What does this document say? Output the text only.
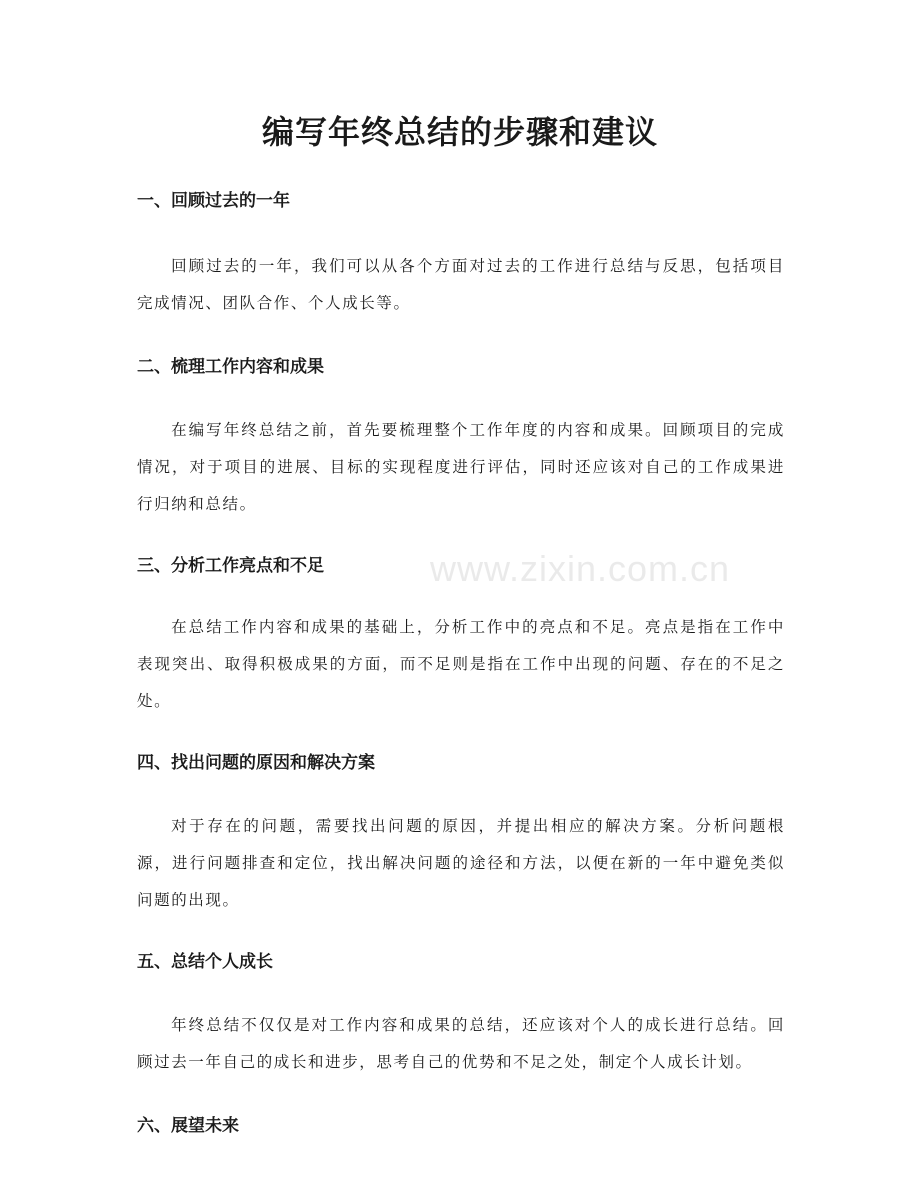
www.zixin.com.cn
编写年终总结的步骤和建议
一、回顾过去的一年

回顾过去的一年，我们可以从各个方面对过去的工作进行总结与反思，包括项目完成情况、团队合作、个人成长等。

二、梳理工作内容和成果

在编写年终总结之前，首先要梳理整个工作年度的内容和成果。回顾项目的完成情况，对于项目的进展、目标的实现程度进行评估，同时还应该对自己的工作成果进行归纳和总结。

三、分析工作亮点和不足

在总结工作内容和成果的基础上，分析工作中的亮点和不足。亮点是指在工作中表现突出、取得积极成果的方面，而不足则是指在工作中出现的问题、存在的不足之处。

四、找出问题的原因和解决方案

对于存在的问题，需要找出问题的原因，并提出相应的解决方案。分析问题根源，进行问题排查和定位，找出解决问题的途径和方法，以便在新的一年中避免类似问题的出现。

五、总结个人成长

年终总结不仅仅是对工作内容和成果的总结，还应该对个人的成长进行总结。回顾过去一年自己的成长和进步，思考自己的优势和不足之处，制定个人成长计划。

六、展望未来
